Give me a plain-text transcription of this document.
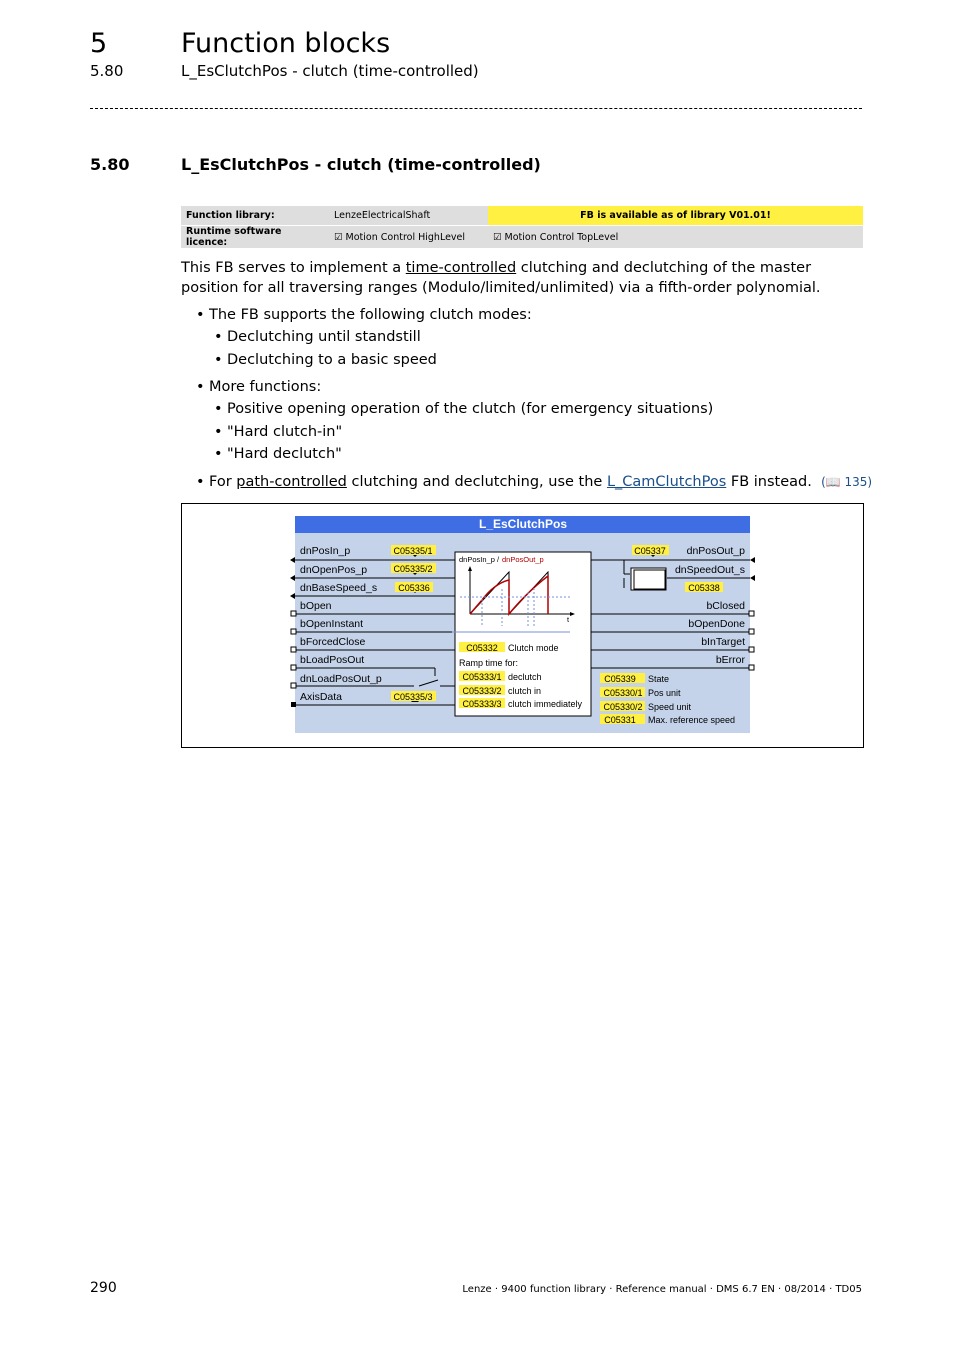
5	Function blocks
5.80	L_EsClutchPos - clutch (time-controlled)
5.80	L_EsClutchPos - clutch (time-controlled)
Function library:	LenzeElectricalShaft	FB is available as of library V01.01!
Runtime software licence:	☑ Motion Control HighLevel	☑ Motion Control TopLevel
This FB serves to implement a time-controlled clutching and declutching of the master position for all traversing ranges (Modulo/limited/unlimited) via a fifth-order polynomial.
• The FB supports the following clutch modes:
• Declutching until standstill
• Declutching to a basic speed
• More functions:
• Positive opening operation of the clutch (for emergency situations)
• "Hard clutch-in"
• "Hard declutch"
• For path-controlled clutching and declutching, use the L_CamClutchPos FB instead. (📖 135)
L_EsClutchPos
dnPosIn_p
dnOpenPos_p
dnBaseSpeed_s
bOpen
bOpenInstant
bForcedClose
bLoadPosOut
dnLoadPosOut_p
AxisData
dnPosOut_p
dnSpeedOut_s
bClosed
bOpenDone
bInTarget
bError
C05335/1
C05335/2
C05336
C05335/3
C05337
C05338
dnPosIn_p / dnPosOut_p
t
C05332 Clutch mode
Ramp time for:
C05333/1 declutch
C05333/2 clutch in
C05333/3 clutch immediately
C05339 State
C05330/1 Pos unit
C05330/2 Speed unit
C05331 Max. reference speed
290	Lenze · 9400 function library · Reference manual · DMS 6.7 EN · 08/2014 · TD05
